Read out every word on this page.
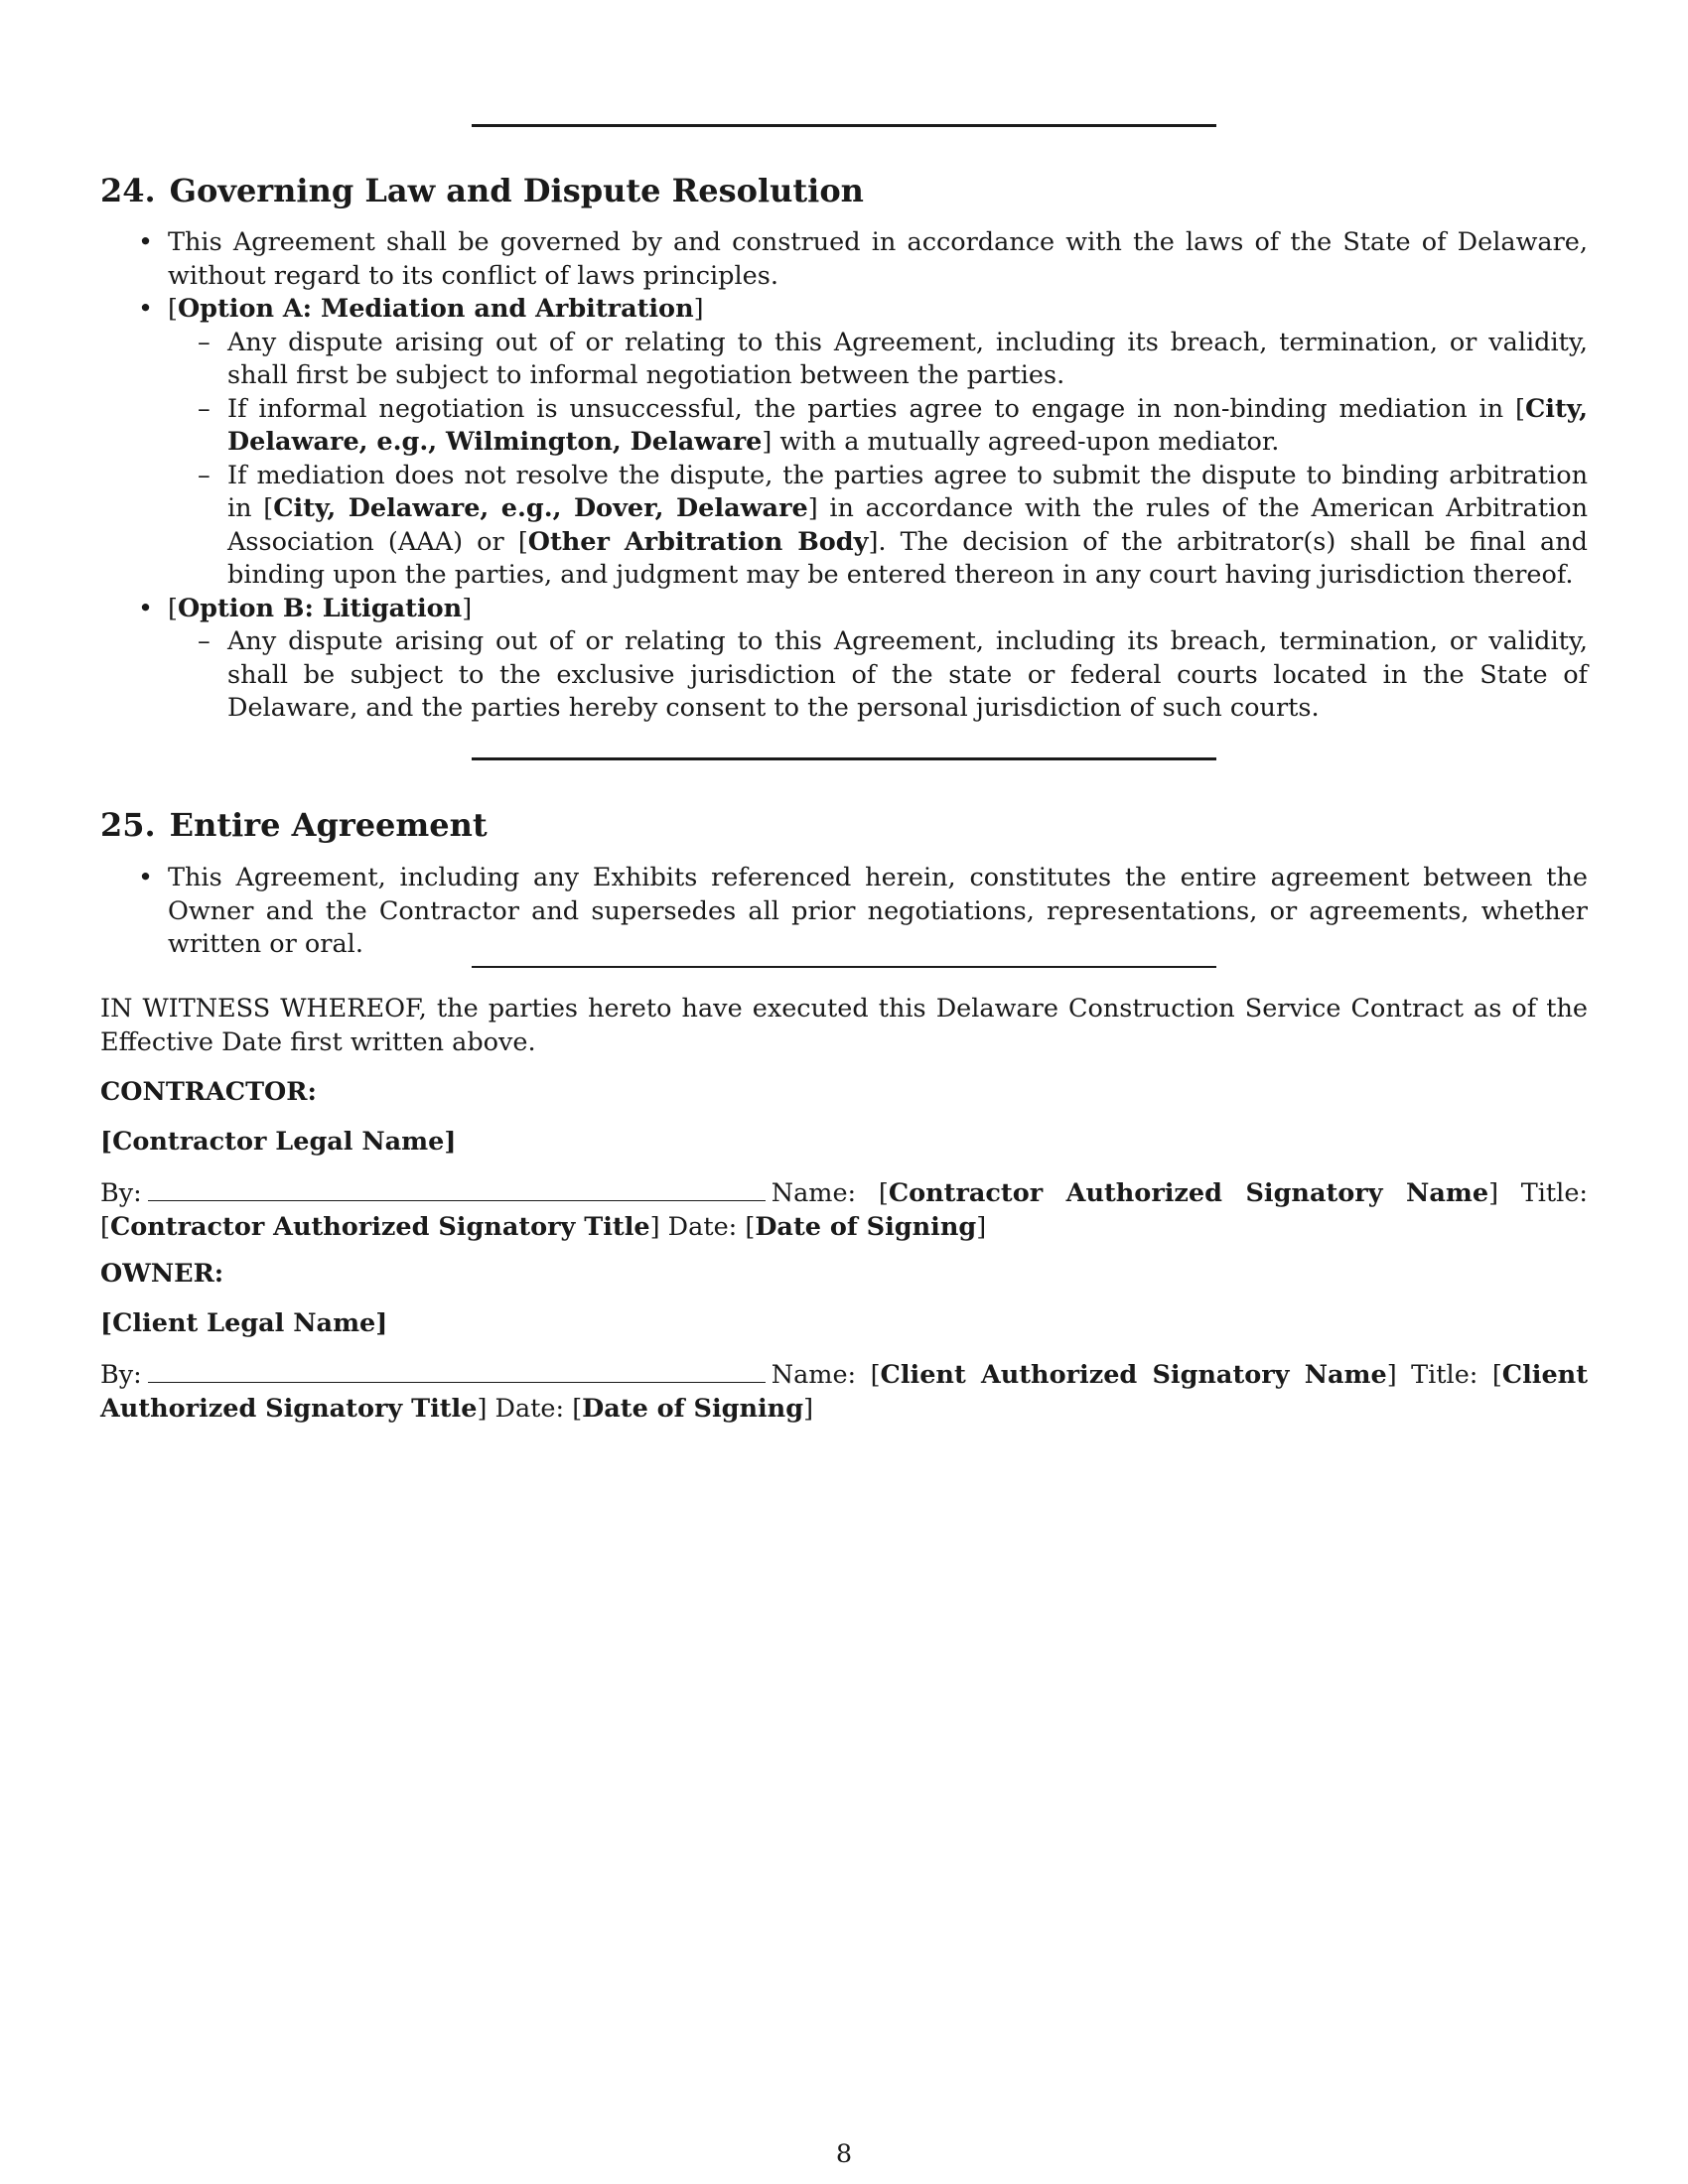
24. Governing Law and Dispute Resolution
• This Agreement shall be governed by and construed in accordance with the laws of the State of Delaware, without regard to its conflict of laws principles.
• [Option A: Mediation and Arbitration]
– Any dispute arising out of or relating to this Agreement, including its breach, termination, or validity, shall first be subject to informal negotiation between the parties.
– If informal negotiation is unsuccessful, the parties agree to engage in non-binding mediation in [City, Delaware, e.g., Wilmington, Delaware] with a mutually agreed-upon mediator.
– If mediation does not resolve the dispute, the parties agree to submit the dispute to binding arbitration in [City, Delaware, e.g., Dover, Delaware] in accordance with the rules of the American Arbitration Association (AAA) or [Other Arbitration Body]. The decision of the arbitrator(s) shall be final and binding upon the parties, and judgment may be entered thereon in any court having jurisdiction thereof.
• [Option B: Litigation]
– Any dispute arising out of or relating to this Agreement, including its breach, termination, or validity, shall be subject to the exclusive jurisdiction of the state or federal courts located in the State of Delaware, and the parties hereby consent to the personal jurisdiction of such courts.
25. Entire Agreement
• This Agreement, including any Exhibits referenced herein, constitutes the entire agreement between the Owner and the Contractor and supersedes all prior negotiations, representations, or agreements, whether written or oral.
IN WITNESS WHEREOF, the parties hereto have executed this Delaware Construction Service Contract as of the Effective Date first written above.
CONTRACTOR:
[Contractor Legal Name]
By:	Name: [Contractor Authorized Signatory Name] Title: [Contractor Authorized Signatory Title] Date: [Date of Signing]
OWNER:
[Client Legal Name]
By:	Name: [Client Authorized Signatory Name] Title: [Client Authorized Signatory Title] Date: [Date of Signing]
8
